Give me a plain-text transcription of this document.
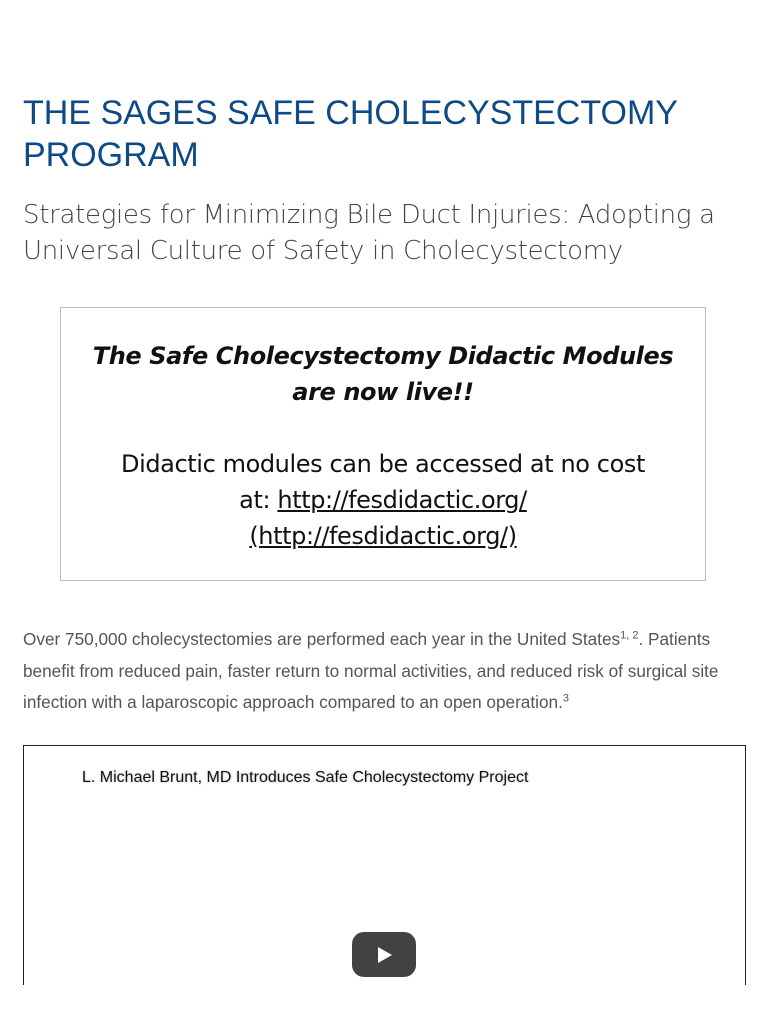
THE SAGES SAFE CHOLECYSTECTOMY PROGRAM
Strategies for Minimizing Bile Duct Injuries: Adopting a Universal Culture of Safety in Cholecystectomy

The Safe Cholecystectomy Didactic Modules
are now live!!

Didactic modules can be accessed at no cost
at: http://fesdidactic.org/
(http://fesdidactic.org/)

Over 750,000 cholecystectomies are performed each year in the United States$^{1, 2}$. Patients benefit from reduced pain, faster return to normal activities, and reduced risk of surgical site infection with a laparoscopic approach compared to an open operation.$^3$

L. Michael Brunt, MD Introduces Safe Cholecystectomy Project
